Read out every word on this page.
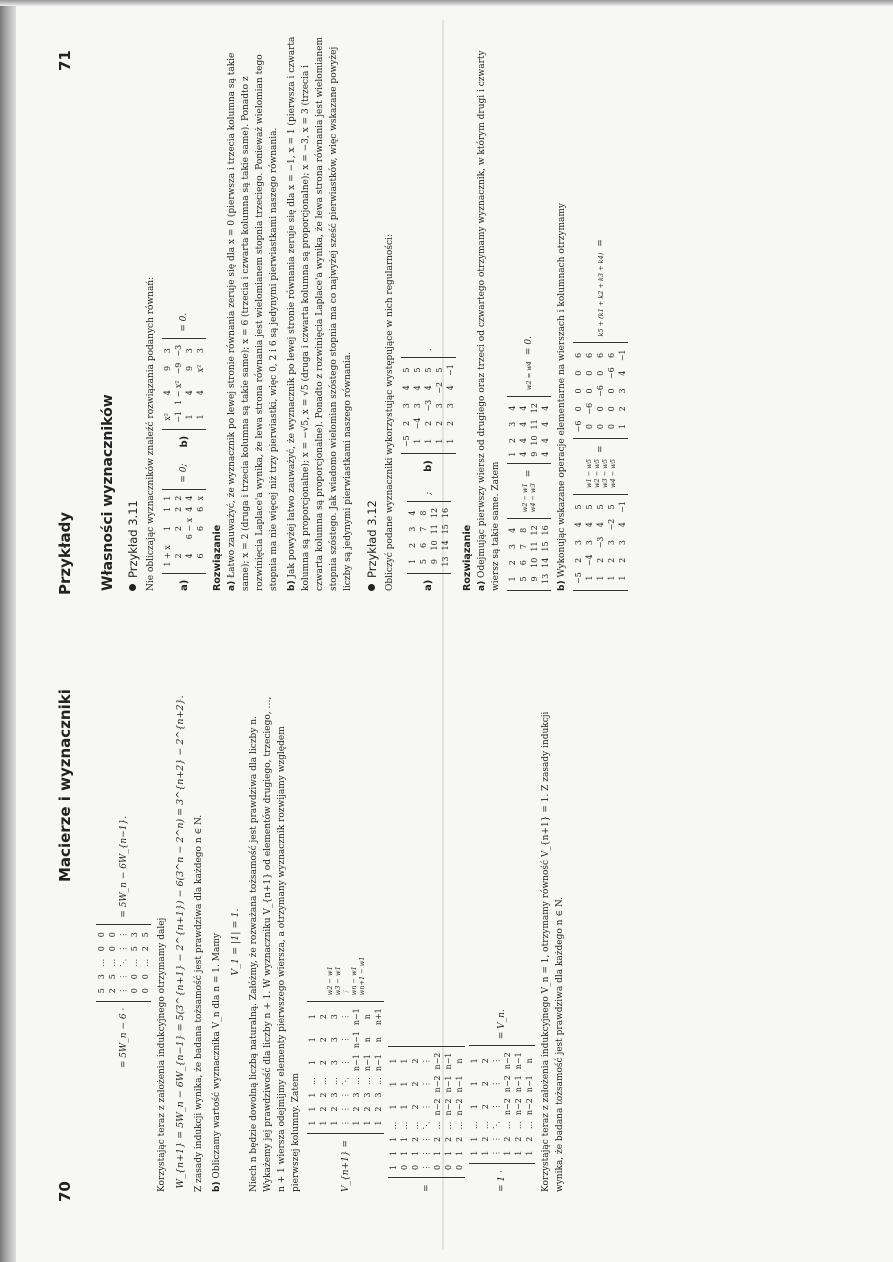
70
Macierze i wyznaczniki
= 5W_n − 6 ·
5	3	…	0	0
2	5	…	0	0
⋮	⋮	⋱	⋮	⋮
0	0	…	5	3
0	0	…	2	5
= 5W_n − 6W_{n−1}.

Korzystając teraz z założenia indukcyjnego otrzymamy dalej W_{n+1} = 5W_n − 6W_{n−1} = 5(3^{n+1} − 2^{n+1}) − 6(3^n − 2^n) = 3^{n+2} − 2^{n+2}. Z zasady indukcji wynika, że badana tożsamość jest prawdziwa dla każdego n ∈ N. b) Obliczamy wartość wyznacznika V_n dla n = 1. Mamy V_1 = |1| = 1. Niech n będzie dowolną liczbą naturalną. Załóżmy, że rozważana tożsamość jest prawdziwa dla liczby n. Wykażemy jej prawdziwość dla liczby n + 1. W wyznaczniku V_{n+1} od elementów drugiego, trzeciego, …, n + 1 wiersza odejmijmy elementy pierwszego wiersza, a otrzymany wyznacznik rozwijamy względem pierwszej kolumny. Zatem	V_{n+1} =
1	1	1	…	1	1	1
1	2	2	…	2	2	2
1	2	3	…	3	3	3
⋮	⋮	⋮	⋱	⋮	⋮	⋮
1	2	3	…	n−1	n−1	n−1
1	2	3	…	n−1	n	n
1	2	3	…	n−1	n	n+1
w2 − w1 w3 − w1 ⋮ wn − w1 wn+1 − w1
=
1	1	1	…	1	1	1
0	1	1	…	1	1	1
0	1	2	…	2	2	2
⋮	⋮	⋮	⋱	⋮	⋮	⋮
0	1	2	…	n−2	n−2	n−2
0	1	2	…	n−2	n−1	n−1
0	1	2	…	n−2	n−1	n
= 1 ·
1	1	…	1	1	1
1	2	…	2	2	2
⋮	⋮	⋱	⋮	⋮	⋮
1	2	…	n−2	n−2	n−2
1	2	…	n−2	n−1	n−1
1	2	…	n−2	n−1	n
= V_n.	Korzystając teraz z założenia indukcyjnego V_n = 1, otrzymamy równość V_{n+1} = 1. Z zasady indukcji wynika, że badana tożsamość jest prawdziwa dla każdego n ∈ N.

Przykłady
71
Własności wyznaczników Przykład 3.11 Nie obliczając wyznaczników znaleźć rozwiązania podanych równań: a)
1 + x	1	1	1
2	2	2	2
4	6 − x	4	4
6	6	6	x
= 0;
b)
x²	4	9	3
−1	1 − x²	−9	−3
1	4	9	3
1	4	x²	3
= 0.
Rozwiązanie a) Łatwo zauważyć, że wyznacznik po lewej stronie równania zeruje się dla x = 0 (pierwsza i trzecia kolumna są takie same); x = 2 (druga i trzecia kolumna są takie same); x = 6 (trzecia i czwarta kolumna są takie same). Ponadto z rozwinięcia Laplace'a wynika, że lewa strona równania jest wielomianem stopnia trzeciego. Ponieważ wielomian tego stopnia ma nie więcej niż trzy pierwiastki, więc 0, 2 i 6 są jedynymi pierwiastkami naszego równania. b) Jak powyżej łatwo zauważyć, że wyznacznik po lewej stronie równania zeruje się dla x = −1, x = 1 (pierwsza i czwarta kolumna są proporcjonalne); x = −√5, x = √5 (druga i czwarta kolumna są proporcjonalne); x = −3, x = 3 (trzecia i czwarta kolumna są proporcjonalne). Ponadto z rozwinięcia Laplace'a wynika, że lewa strona równania jest wielomianem stopnia szóstego. Jak wiadomo wielomian szóstego stopnia ma co najwyżej sześć pierwiastków, więc wskazane powyżej liczby są jedynymi pierwiastkami naszego równania. Przykład 3.12 Obliczyć podane wyznaczniki wykorzystując występujące w nich regularności:	a)
1	2	3	4
5	6	7	8
9	10	11	12
13	14	15	16
;
b)
−5	2	3	4	5
1	−4	3	4	5
1	2	−3	4	5
1	2	3	−2	5
1	2	3	4	−1
.
Rozwiązanie a) Odejmując pierwszy wiersz od drugiego oraz trzeci od czwartego otrzymamy wyznacznik, w którym drugi i czwarty wiersz są takie same. Zatem 1	2	3	4
5	6	7	8
9	10	11	12
13	14	15	16
w2 − w1 w4 − w3
=
1	2	3	4
4	4	4	4
9	10	11	12
4	4	4	4
w2 = w4
= 0.

b) Wykonując wskazane operacje elementarne na wierszach i kolumnach otrzymamy

−5	2	3	4	5
1	−4	3	4	5
1	2	−3	4	5
1	2	3	−2	5
1	2	3	4	−1
w1 − w5 w2 − w5 w3 − w5 w4 − w5
=
−6	0	0	0	6
0	−6	0	0	6
0	0	−6	0	6
0	0	0	−6	6
1	2	3	4	−1
k5 + (k1 + k2 + k3 + k4)
=
